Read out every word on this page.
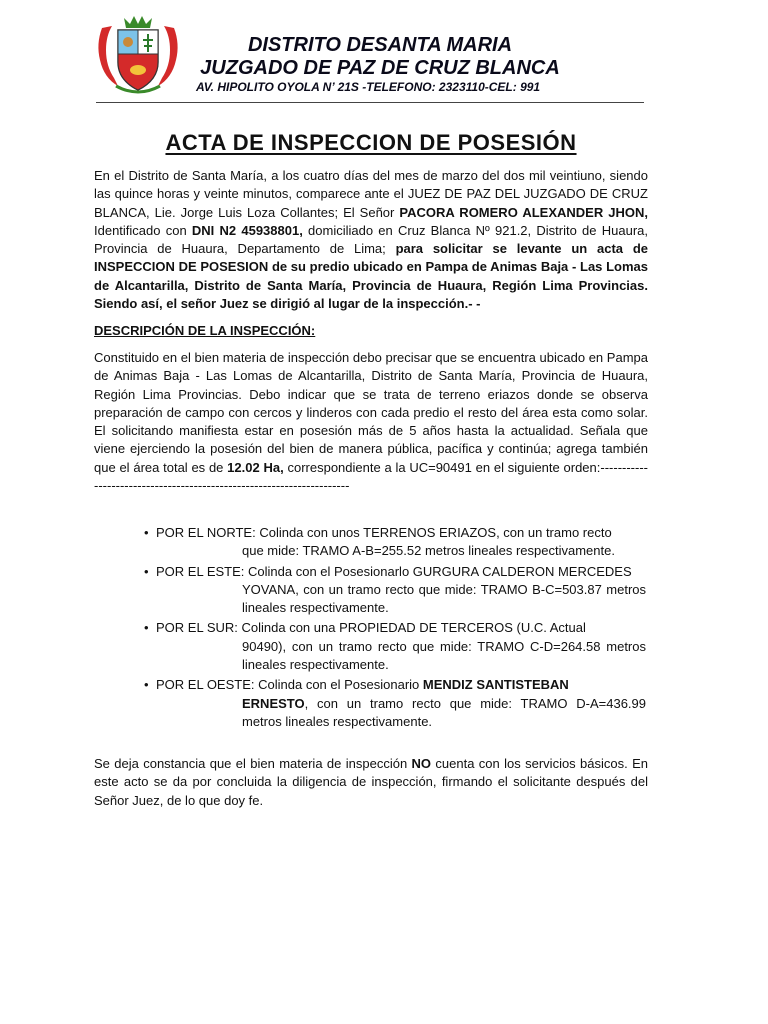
DISTRITO DESANTA MARIA
JUZGADO DE PAZ DE CRUZ BLANCA
AV. HIPOLITO OYOLA N’ 21S -TELEFONO: 2323110-CEL: 991
ACTA DE INSPECCION DE POSESIÓN
En el Distrito de Santa María, a los cuatro días del mes de marzo del dos mil veintiuno, siendo las quince horas y veinte minutos, comparece ante el JUEZ DE PAZ DEL JUZGADO DE CRUZ BLANCA, Lie. Jorge Luis Loza Collantes; El Señor PACORA ROMERO ALEXANDER JHON, Identificado con DNI N2 45938801, domiciliado en Cruz Blanca Nº 921.2, Distrito de Huaura, Provincia de Huaura, Departamento de Lima; para solicitar se levante un acta de INSPECCION DE POSESION de su predio ubicado en Pampa de Animas Baja - Las Lomas de Alcantarilla, Distrito de Santa María, Provincia de Huaura, Región Lima Provincias. Siendo así, el señor Juez se dirigió al lugar de la inspección.- -
DESCRIPCIÓN DE LA INSPECCIÓN:
Constituido en el bien materia de inspección debo precisar que se encuentra ubicado en Pampa de Animas Baja - Las Lomas de Alcantarilla, Distrito de Santa María, Provincia de Huaura, Región Lima Provincias. Debo indicar que se trata de terreno eriazos donde se observa preparación de campo con cercos y linderos con cada predio el resto del área esta como solar. El solicitando manifiesta estar en posesión más de 5 años hasta la actualidad. Señala que viene ejerciendo la posesión del bien de manera pública, pacífica y continúa; agrega también que el área total es de 12.02 Ha, correspondiente a la UC=90491 en el siguiente orden:----------------------------------------------------------------------
• POR EL NORTE: Colinda con unos TERRENOS ERIAZOS, con un tramo recto
que mide: TRAMO A-B=255.52 metros lineales respectivamente.
• POR EL ESTE: Colinda con el Posesionarlo GURGURA CALDERON MERCEDES
YOVANA, con un tramo recto que mide: TRAMO B-C=503.87 metros lineales respectivamente.
• POR EL SUR: Colinda con una PROPIEDAD DE TERCEROS (U.C. Actual
90490), con un tramo recto que mide: TRAMO C-D=264.58 metros lineales respectivamente.
• POR EL OESTE: Colinda con el Posesionario MENDIZ SANTISTEBAN
ERNESTO, con un tramo recto que mide: TRAMO D-A=436.99 metros lineales respectivamente.
Se deja constancia que el bien materia de inspección NO cuenta con los servicios básicos. En este acto se da por concluida la diligencia de inspección, firmando el solicitante después del Señor Juez, de lo que doy fe.
